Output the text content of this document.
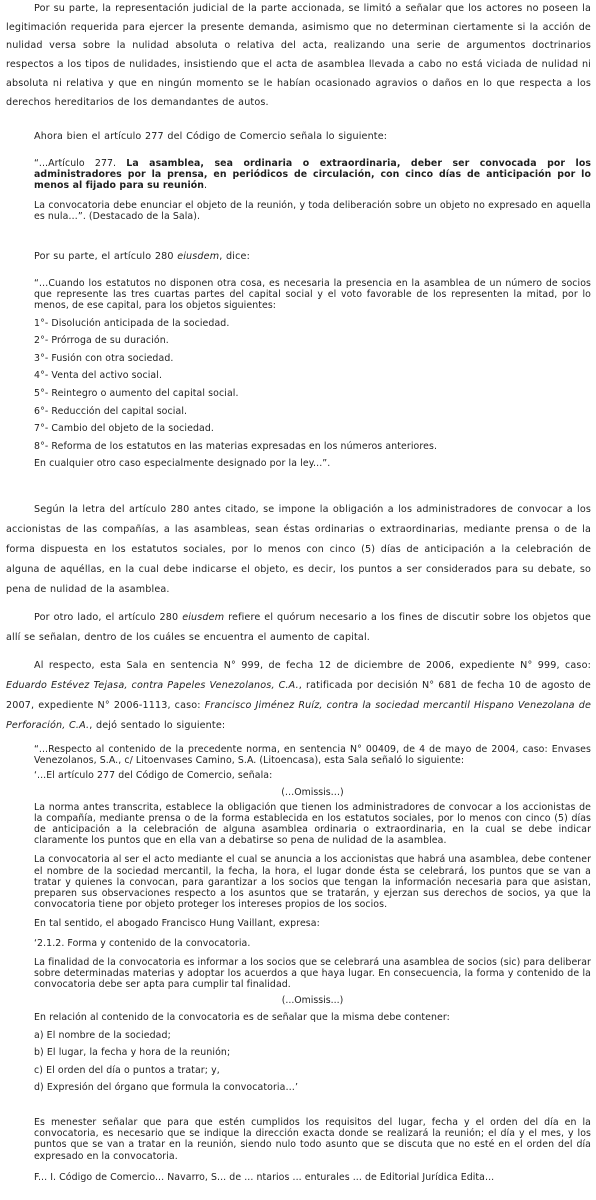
Por su parte, la representación judicial de la parte accionada, se limitó a señalar que los actores no poseen la legitimación requerida para ejercer la presente demanda, asimismo que no determinan ciertamente si la acción de nulidad versa sobre la nulidad absoluta o relativa del acta, realizando una serie de argumentos doctrinarios respectos a los tipos de nulidades, insistiendo que el acta de asamblea llevada a cabo no está viciada de nulidad ni absoluta ni relativa y que en ningún momento se le habían ocasionado agravios o daños en lo que respecta a los derechos hereditarios de los demandantes de autos.

Ahora bien el artículo 277 del Código de Comercio señala lo siguiente:

“...Artículo 277. La asamblea, sea ordinaria o extraordinaria, deber ser convocada por los administradores por la prensa, en periódicos de circulación, con cinco días de anticipación por lo menos al fijado para su reunión.

La convocatoria debe enunciar el objeto de la reunión, y toda deliberación sobre un objeto no expresado en aquella es nula…”. (Destacado de la Sala).

Por su parte, el artículo 280 eiusdem, dice:

“…Cuando los estatutos no disponen otra cosa, es necesaria la presencia en la asamblea de un número de socios que represente las tres cuartas partes del capital social y el voto favorable de los representen la mitad, por lo menos, de ese capital, para los objetos siguientes:

1°- Disolución anticipada de la sociedad.
2°- Prórroga de su duración.
3°- Fusión con otra sociedad.
4°- Venta del activo social.
5°- Reintegro o aumento del capital social.
6°- Reducción del capital social.
7°- Cambio del objeto de la sociedad.
8°- Reforma de los estatutos en las materias expresadas en los números anteriores.
En cualquier otro caso especialmente designado por la ley...”.

Según la letra del artículo 280 antes citado, se impone la obligación a los administradores de convocar a los accionistas de las compañías, a las asambleas, sean éstas ordinarias o extraordinarias, mediante prensa o de la forma dispuesta en los estatutos sociales, por lo menos con cinco (5) días de anticipación a la celebración de alguna de aquéllas, en la cual debe indicarse el objeto, es decir, los puntos a ser considerados para su debate, so pena de nulidad de la asamblea.

Por otro lado, el artículo 280 eiusdem refiere el quórum necesario a los fines de discutir sobre los objetos que allí se señalan, dentro de los cuáles se encuentra el aumento de capital.

Al respecto, esta Sala en sentencia N° 999, de fecha 12 de diciembre de 2006, expediente N° 999, caso: Eduardo Estévez Tejasa, contra Papeles Venezolanos, C.A., ratificada por decisión N° 681 de fecha 10 de agosto de 2007, expediente N° 2006-1113, caso: Francisco Jiménez Ruíz, contra la sociedad mercantil Hispano Venezolana de Perforación, C.A., dejó sentado lo siguiente:

“...Respecto al contenido de la precedente norma, en sentencia N° 00409, de 4 de mayo de 2004, caso: Envases Venezolanos, S.A., c/ Litoenvases Camino, S.A. (Litoencasa), esta Sala señaló lo siguiente:

‘...El artículo 277 del Código de Comercio, señala:

(…Omissis…)

La norma antes transcrita, establece la obligación que tienen los administradores de convocar a los accionistas de la compañía, mediante prensa o de la forma establecida en los estatutos sociales, por lo menos con cinco (5) días de anticipación a la celebración de alguna asamblea ordinaria o extraordinaria, en la cual se debe indicar claramente los puntos que en ella van a debatirse so pena de nulidad de la asamblea.

La convocatoria al ser el acto mediante el cual se anuncia a los accionistas que habrá una asamblea, debe contener el nombre de la sociedad mercantil, la fecha, la hora, el lugar donde ésta se celebrará, los puntos que se van a tratar y quienes la convocan, para garantizar a los socios que tengan la información necesaria para que asistan, preparen sus observaciones respecto a los asuntos que se tratarán, y ejerzan sus derechos de socios, ya que la convocatoria tiene por objeto proteger los intereses propios de los socios.

En tal sentido, el abogado Francisco Hung Vaillant, expresa:

‘2.1.2. Forma y contenido de la convocatoria.

La finalidad de la convocatoria es informar a los socios que se celebrará una asamblea de socios (sic) para deliberar sobre determinadas materias y adoptar los acuerdos a que haya lugar. En consecuencia, la forma y contenido de la convocatoria debe ser apta para cumplir tal finalidad.

(...Omissis...)

En relación al contenido de la convocatoria es de señalar que la misma debe contener:

a) El nombre de la sociedad;
b) El lugar, la fecha y hora de la reunión;
c) El orden del día o puntos a tratar; y,
d) Expresión del órgano que formula la convocatoria…’

Es menester señalar que para que estén cumplidos los requisitos del lugar, fecha y el orden del día en la convocatoria, es necesario que se indique la dirección exacta donde se realizará la reunión; el día y el mes, y los puntos que se van a tratar en la reunión, siendo nulo todo asunto que se discuta que no esté en el orden del día expresado en la convocatoria.

F... I. Código de Comercio... Navarro, S... de ... ntarios ... enturales ... de Editorial Jurídica Edita...
